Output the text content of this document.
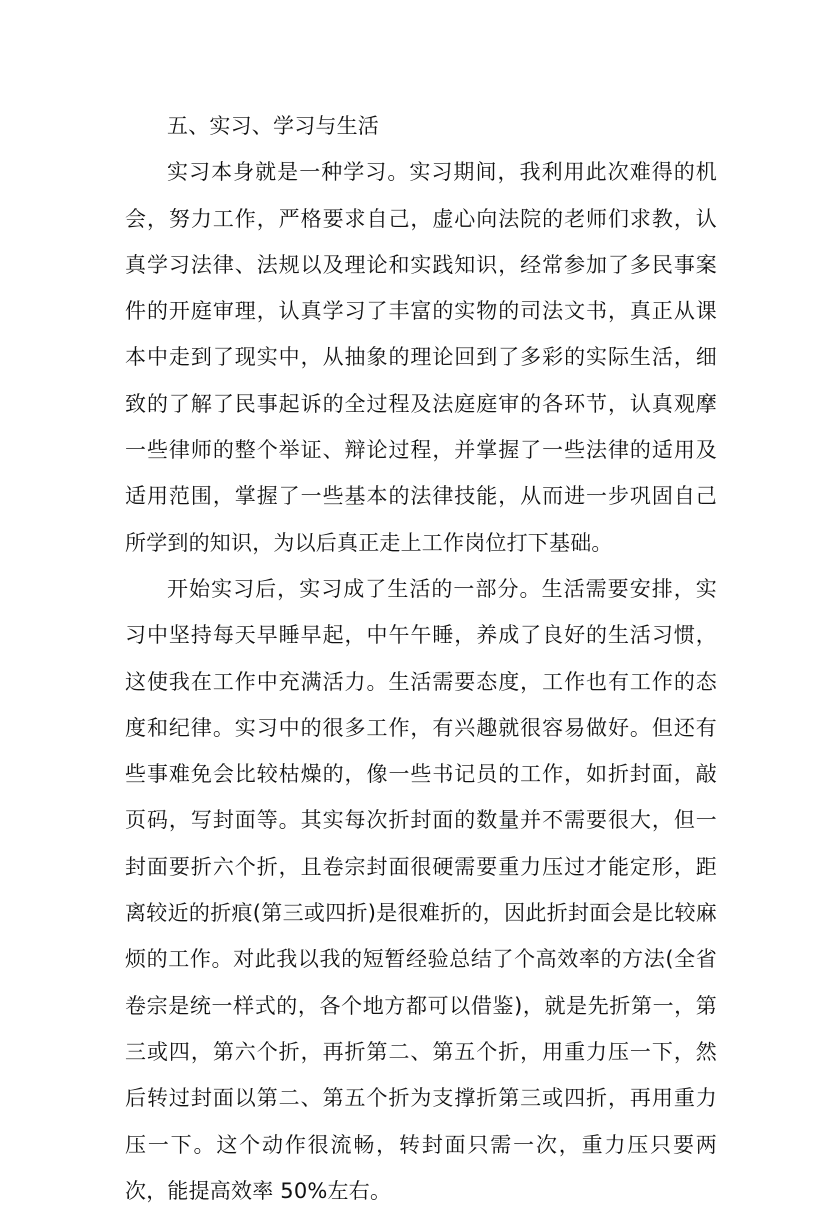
五、实习、学习与生活

实习本身就是一种学习。实习期间，我利用此次难得的机会，努力工作，严格要求自己，虚心向法院的老师们求教，认真学习法律、法规以及理论和实践知识，经常参加了多民事案件的开庭审理，认真学习了丰富的实物的司法文书，真正从课本中走到了现实中，从抽象的理论回到了多彩的实际生活，细致的了解了民事起诉的全过程及法庭庭审的各环节，认真观摩一些律师的整个举证、辩论过程，并掌握了一些法律的适用及适用范围，掌握了一些基本的法律技能，从而进一步巩固自己所学到的知识，为以后真正走上工作岗位打下基础。

开始实习后，实习成了生活的一部分。生活需要安排，实习中坚持每天早睡早起，中午午睡，养成了良好的生活习惯，这使我在工作中充满活力。生活需要态度，工作也有工作的态度和纪律。实习中的很多工作，有兴趣就很容易做好。但还有些事难免会比较枯燥的，像一些书记员的工作，如折封面，敲页码，写封面等。其实每次折封面的数量并不需要很大，但一封面要折六个折，且卷宗封面很硬需要重力压过才能定形，距离较近的折痕(第三或四折)是很难折的，因此折封面会是比较麻烦的工作。对此我以我的短暂经验总结了个高效率的方法(全省卷宗是统一样式的，各个地方都可以借鉴)，就是先折第一，第三或四，第六个折，再折第二、第五个折，用重力压一下，然后转过封面以第二、第五个折为支撑折第三或四折，再用重力压一下。这个动作很流畅，转封面只需一次，重力压只要两次，能提高效率 50%左右。
